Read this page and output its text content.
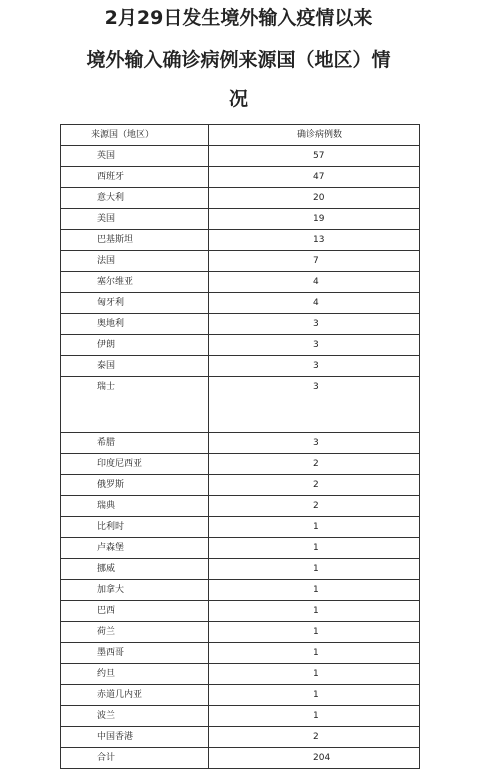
2月29日发生境外输入疫情以来
境外输入确诊病例来源国（地区）情
况
来源国（地区）	确诊病例数
英国	57
西班牙	47
意大利	20
美国	19
巴基斯坦	13
法国	7
塞尔维亚	4
匈牙利	4
奥地利	3
伊朗	3
泰国	3
瑞士	3
希腊	3
印度尼西亚	2
俄罗斯	2
瑞典	2
比利时	1
卢森堡	1
挪威	1
加拿大	1
巴西	1
荷兰	1
墨西哥	1
约旦	1
赤道几内亚	1
波兰	1
中国香港	2
合计	204
